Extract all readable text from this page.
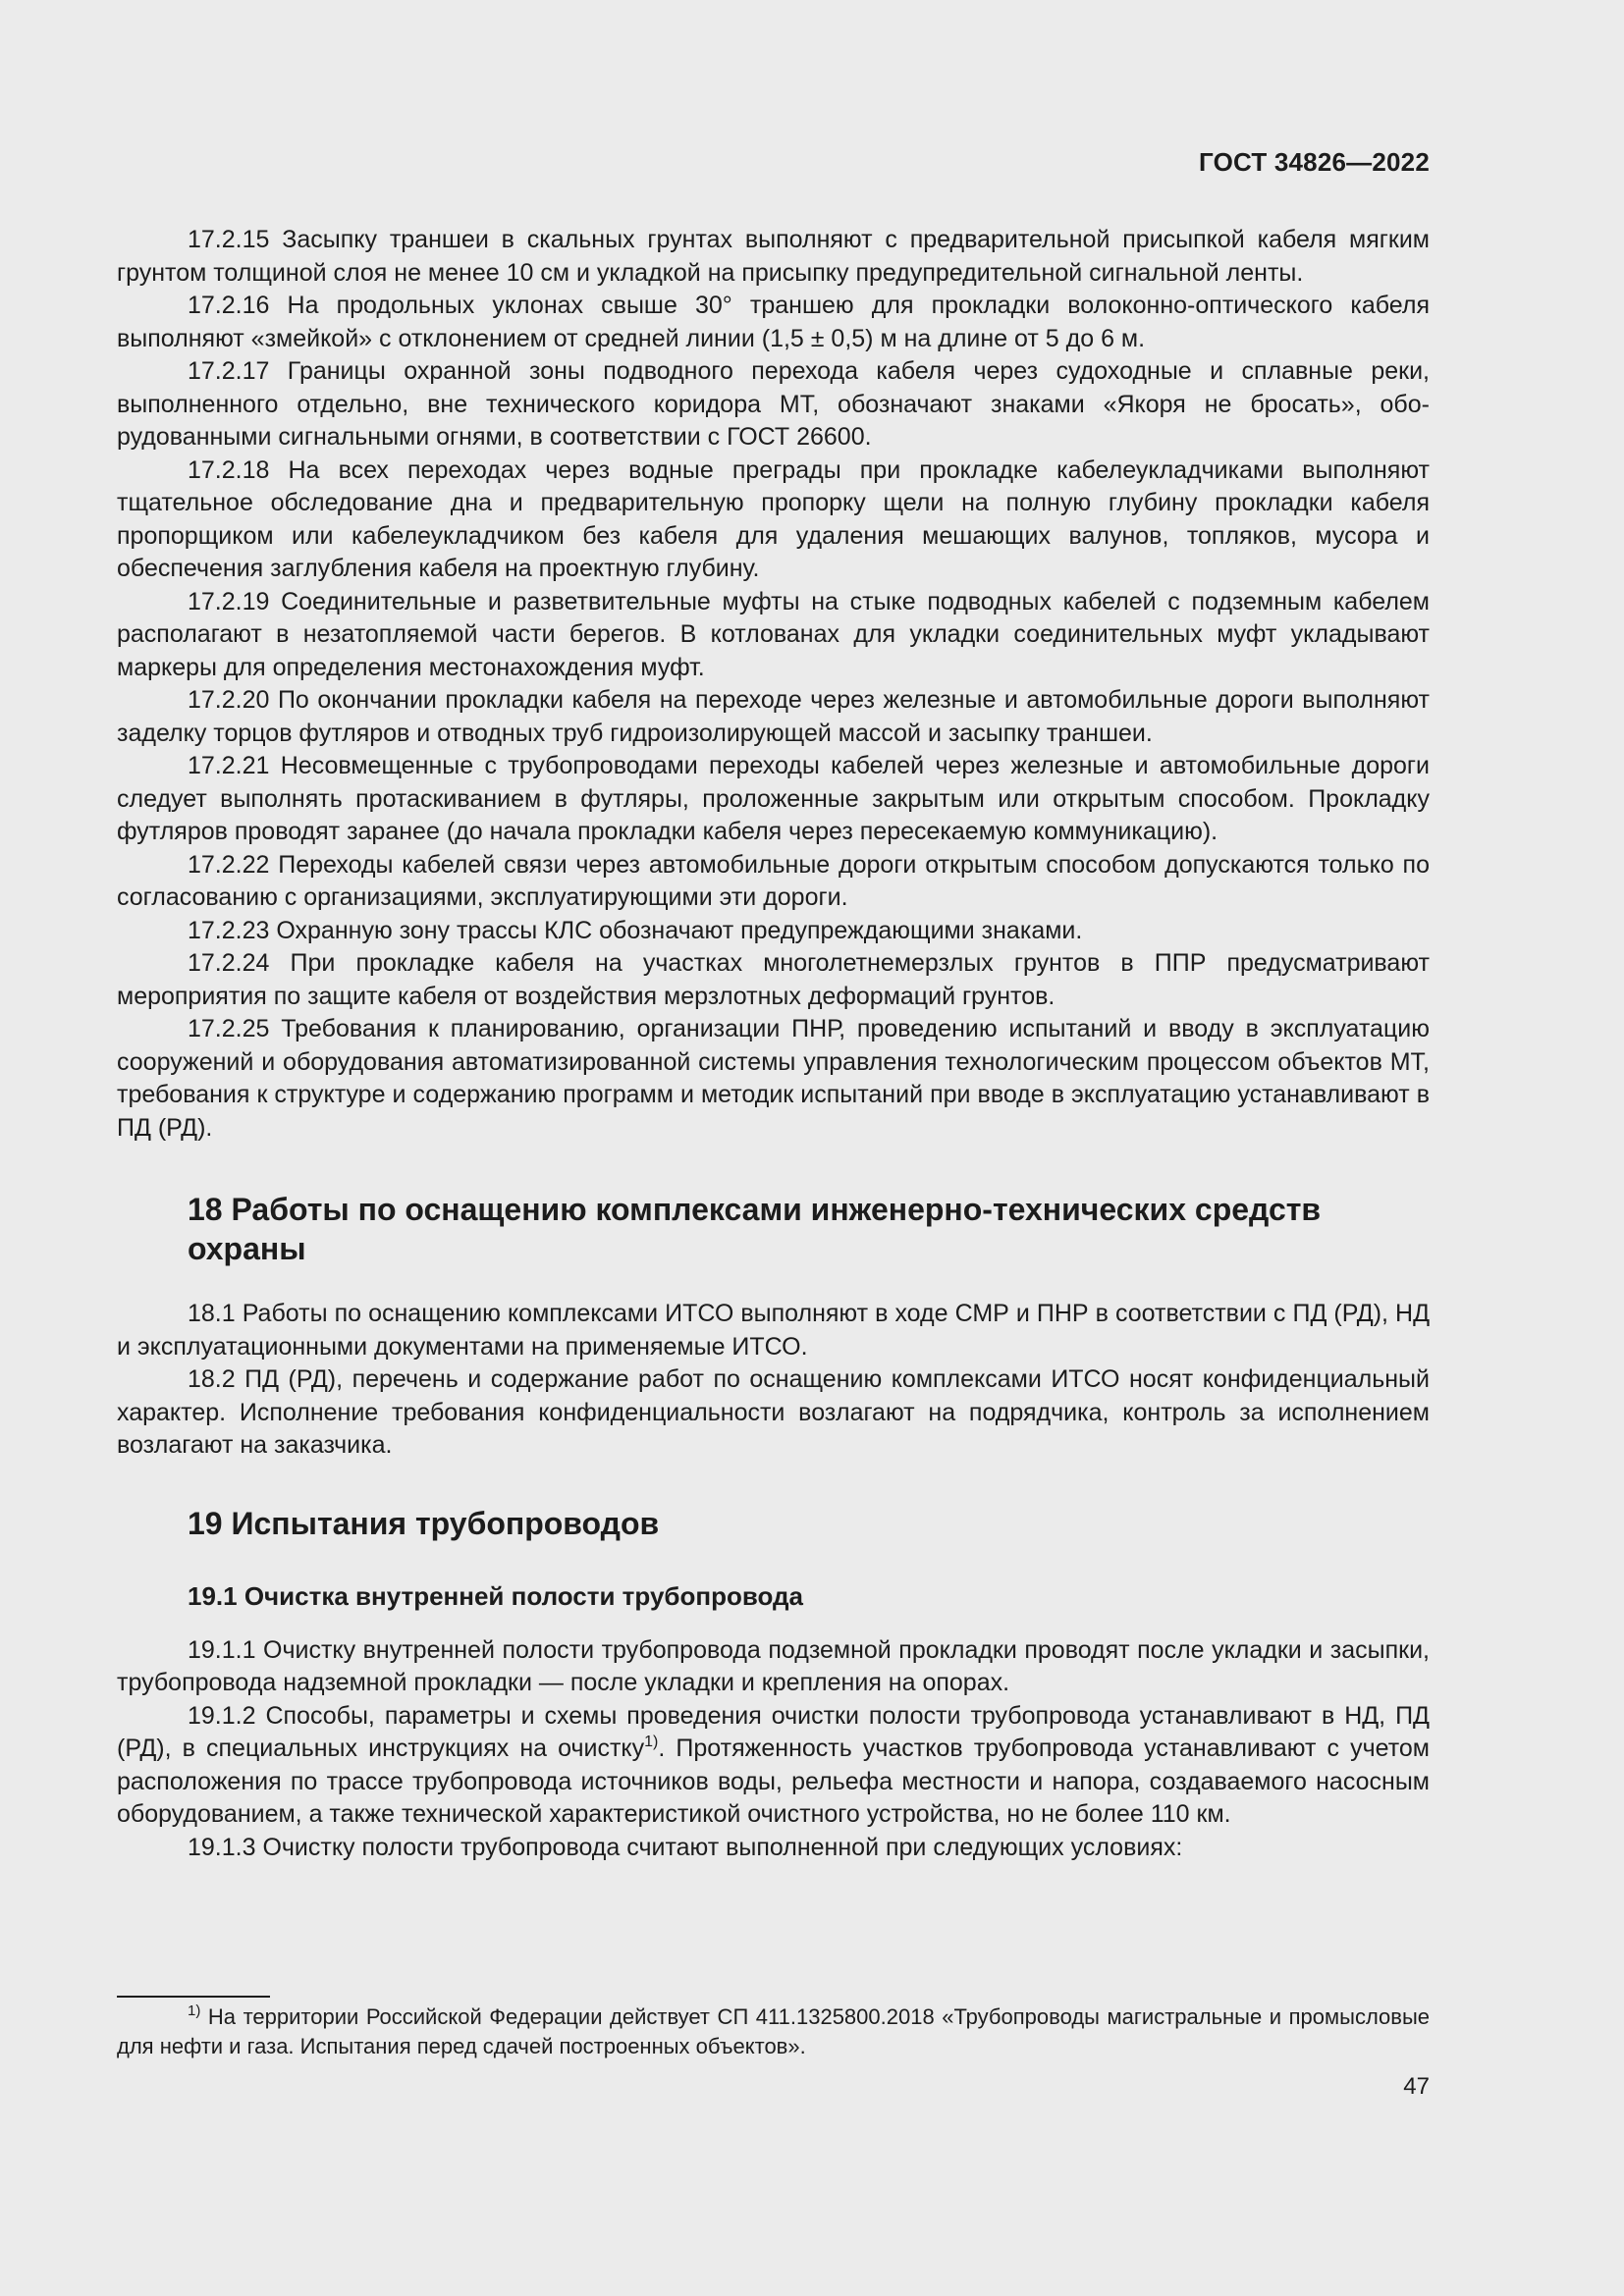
ГОСТ 34826—2022

17.2.15 Засыпку траншеи в скальных грунтах выполняют с предварительной присыпкой кабеля мягким грунтом толщиной слоя не менее 10 см и укладкой на присыпку предупредительной сигнальной ленты.

17.2.16 На продольных уклонах свыше 30° траншею для прокладки волоконно-оптического кабеля выполняют «змейкой» с отклонением от средней линии (1,5 ± 0,5) м на длине от 5 до 6 м.

17.2.17 Границы охранной зоны подводного перехода кабеля через судоходные и сплавные реки, выполненного отдельно, вне технического коридора МТ, обозначают знаками «Якоря не бросать», оборудованными сигнальными огнями, в соответствии с ГОСТ 26600.

17.2.18 На всех переходах через водные преграды при прокладке кабелеукладчиками выполняют тщательное обследование дна и предварительную пропорку щели на полную глубину прокладки кабеля пропорщиком или кабелеукладчиком без кабеля для удаления мешающих валунов, топляков, мусора и обеспечения заглубления кабеля на проектную глубину.

17.2.19 Соединительные и разветвительные муфты на стыке подводных кабелей с подземным кабелем располагают в незатопляемой части берегов. В котлованах для укладки соединительных муфт укладывают маркеры для определения местонахождения муфт.

17.2.20 По окончании прокладки кабеля на переходе через железные и автомобильные дороги выполняют заделку торцов футляров и отводных труб гидроизолирующей массой и засыпку траншеи.

17.2.21 Несовмещенные с трубопроводами переходы кабелей через железные и автомобильные дороги следует выполнять протаскиванием в футляры, проложенные закрытым или открытым способом. Прокладку футляров проводят заранее (до начала прокладки кабеля через пересекаемую коммуникацию).

17.2.22 Переходы кабелей связи через автомобильные дороги открытым способом допускаются только по согласованию с организациями, эксплуатирующими эти дороги.

17.2.23 Охранную зону трассы КЛС обозначают предупреждающими знаками.

17.2.24 При прокладке кабеля на участках многолетнемерзлых грунтов в ППР предусматривают мероприятия по защите кабеля от воздействия мерзлотных деформаций грунтов.

17.2.25 Требования к планированию, организации ПНР, проведению испытаний и вводу в эксплуатацию сооружений и оборудования автоматизированной системы управления технологическим процессом объектов МТ, требования к структуре и содержанию программ и методик испытаний при вводе в эксплуатацию устанавливают в ПД (РД).

18 Работы по оснащению комплексами инженерно-технических средств охраны

18.1 Работы по оснащению комплексами ИТСО выполняют в ходе СМР и ПНР в соответствии с ПД (РД), НД и эксплуатационными документами на применяемые ИТСО.

18.2 ПД (РД), перечень и содержание работ по оснащению комплексами ИТСО носят конфиденциальный характер. Исполнение требования конфиденциальности возлагают на подрядчика, контроль за исполнением возлагают на заказчика.

19 Испытания трубопроводов
19.1 Очистка внутренней полости трубопровода

19.1.1 Очистку внутренней полости трубопровода подземной прокладки проводят после укладки и засыпки, трубопровода надземной прокладки — после укладки и крепления на опорах.

19.1.2 Способы, параметры и схемы проведения очистки полости трубопровода устанавливают в НД, ПД (РД), в специальных инструкциях на очистку$^{1)}$. Протяженность участков трубопровода устанавливают с учетом расположения по трассе трубопровода источников воды, рельефа местности и напора, создаваемого насосным оборудованием, а также технической характеристикой очистного устройства, но не более 110 км.

19.1.3 Очистку полости трубопровода считают выполненной при следующих условиях:

$^{1)}$ На территории Российской Федерации действует СП 411.1325800.2018 «Трубопроводы магистральные и промысловые для нефти и газа. Испытания перед сдачей построенных объектов».

47
